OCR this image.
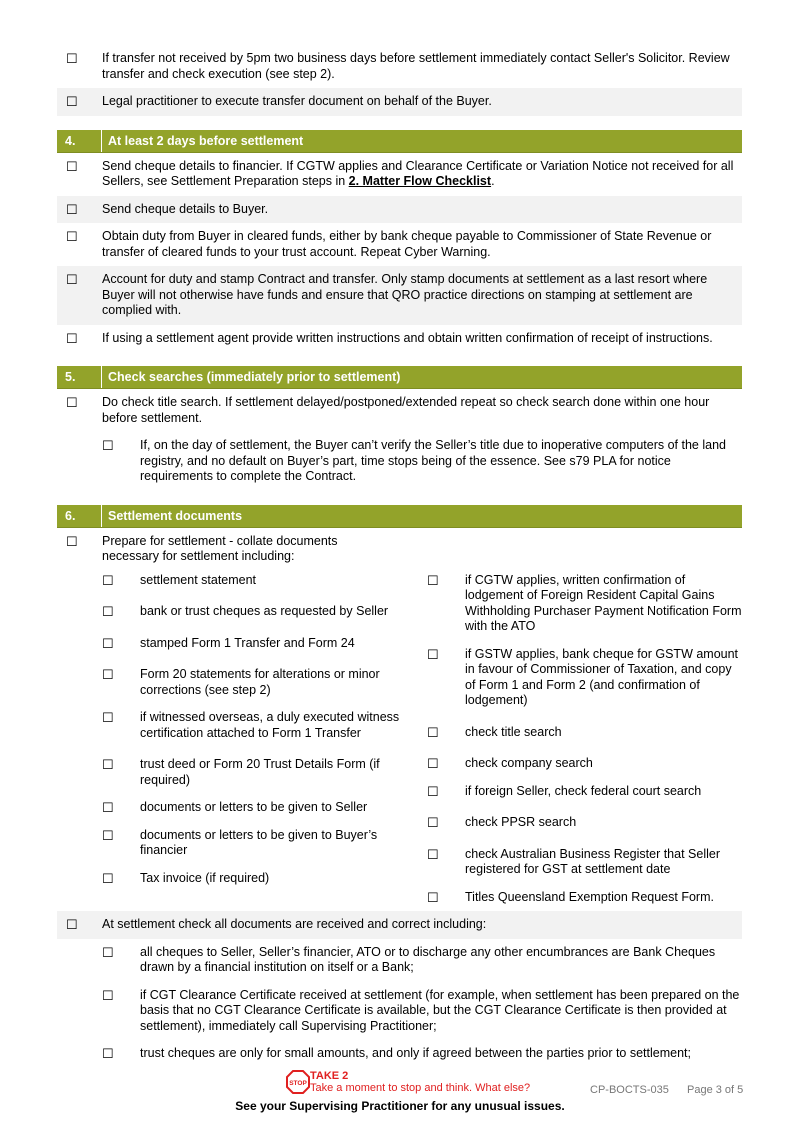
☐	If transfer not received by 5pm two business days before settlement immediately contact Seller's Solicitor. Review transfer and check execution (see step 2).
☐	Legal practitioner to execute transfer document on behalf of the Buyer.
4.	At least 2 days before settlement
☐	Send cheque details to financier. If CGTW applies and Clearance Certificate or Variation Notice not received for all Sellers, see Settlement Preparation steps in 2. Matter Flow Checklist.
☐	Send cheque details to Buyer.
☐	Obtain duty from Buyer in cleared funds, either by bank cheque payable to Commissioner of State Revenue or transfer of cleared funds to your trust account. Repeat Cyber Warning.
☐	Account for duty and stamp Contract and transfer. Only stamp documents at settlement as a last resort where Buyer will not otherwise have funds and ensure that QRO practice directions on stamping at settlement are complied with.
☐	If using a settlement agent provide written instructions and obtain written confirmation of receipt of instructions.
5.	Check searches (immediately prior to settlement)
☐	Do check title search. If settlement delayed/postponed/extended repeat so check search done within one hour before settlement.
☐	If, on the day of settlement, the Buyer can’t verify the Seller’s title due to inoperative computers of the land registry, and no default on Buyer’s part, time stops being of the essence. See s79 PLA for notice requirements to complete the Contract.
6.	Settlement documents
☐	Prepare for settlement - collate documents necessary for settlement including:
☐	settlement statement
☐	bank or trust cheques as requested by Seller
☐	stamped Form 1 Transfer and Form 24
☐	Form 20 statements for alterations or minor corrections (see step 2)
☐	if witnessed overseas, a duly executed witness certification attached to Form 1 Transfer
☐	trust deed or Form 20 Trust Details Form (if required)
☐	documents or letters to be given to Seller
☐	documents or letters to be given to Buyer’s financier
☐	Tax invoice (if required)
☐	if CGTW applies, written confirmation of lodgement of Foreign Resident Capital Gains Withholding Purchaser Payment Notification Form with the ATO
☐	if GSTW applies, bank cheque for GSTW amount in favour of Commissioner of Taxation, and copy of Form 1 and Form 2 (and confirmation of lodgement)
☐	check title search
☐	check company search
☐	if foreign Seller, check federal court search
☐	check PPSR search
☐	check Australian Business Register that Seller registered for GST at settlement date
☐	Titles Queensland Exemption Request Form.
☐	At settlement check all documents are received and correct including:
☐	all cheques to Seller, Seller’s financier, ATO or to discharge any other encumbrances are Bank Cheques drawn by a financial institution on itself or a Bank;
☐	if CGT Clearance Certificate received at settlement (for example, when settlement has been prepared on the basis that no CGT Clearance Certificate is available, but the CGT Clearance Certificate is then provided at settlement), immediately call Supervising Practitioner;
☐	trust cheques are only for small amounts, and only if agreed between the parties prior to settlement;
STOP
TAKE 2
Take a moment to stop and think. What else?	CP-BOCTS-035 Page 3 of 5
See your Supervising Practitioner for any unusual issues.
